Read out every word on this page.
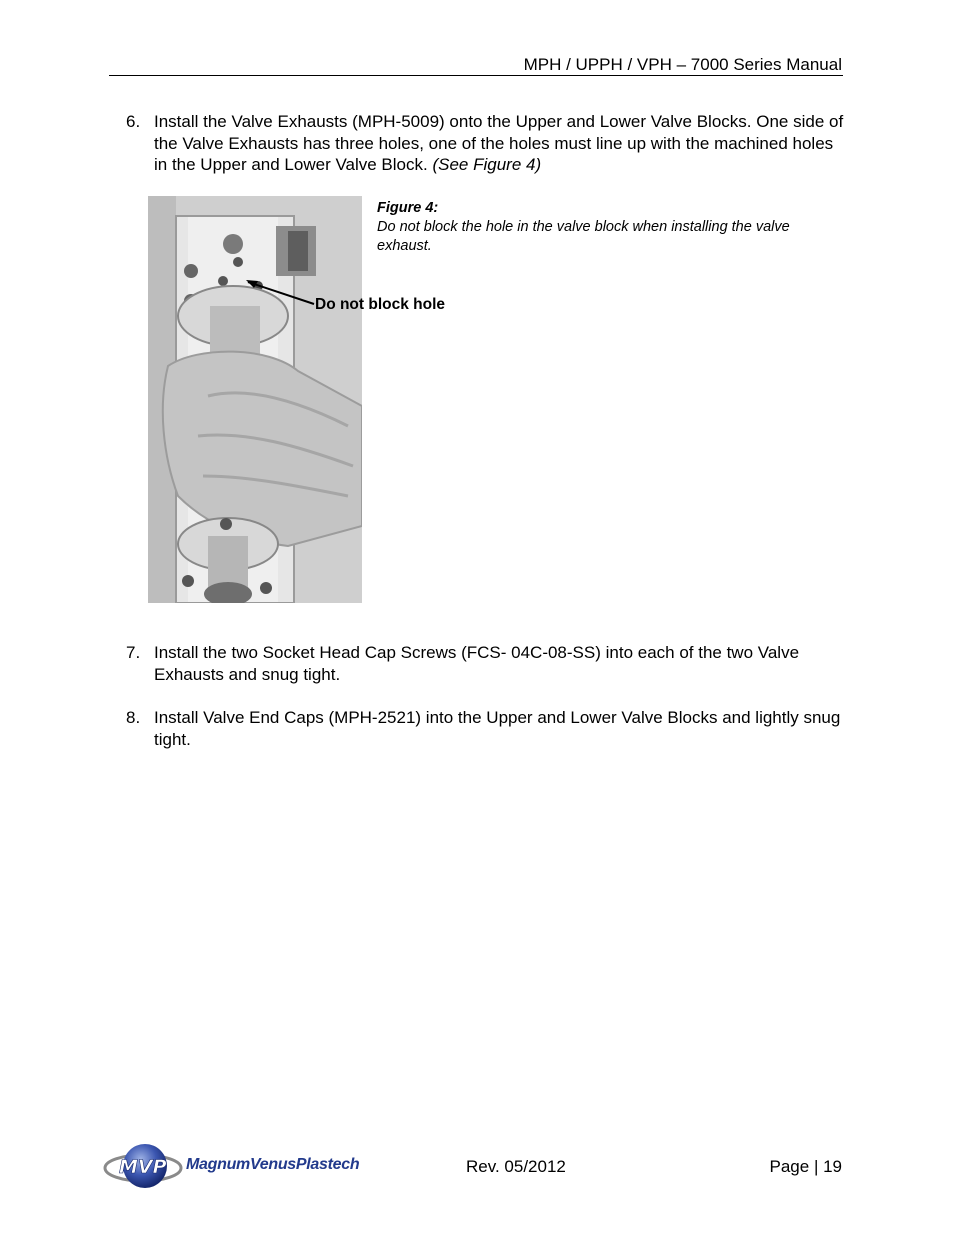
MPH / UPPH / VPH – 7000 Series Manual
6. Install the Valve Exhausts (MPH-5009) onto the Upper and Lower Valve Blocks. One side of the Valve Exhausts has three holes, one of the holes must line up with the machined holes in the Upper and Lower Valve Block. (See Figure 4)
Do not block hole
Figure 4:
Do not block the hole in the valve block when installing the valve exhaust.
7. Install the two Socket Head Cap Screws (FCS- 04C-08-SS) into each of the two Valve Exhausts and snug tight.
8. Install Valve End Caps (MPH-2521) into the Upper and Lower Valve Blocks and lightly snug tight.
MVP MagnumVenusPlastech	Rev. 05/2012	Page | 19
